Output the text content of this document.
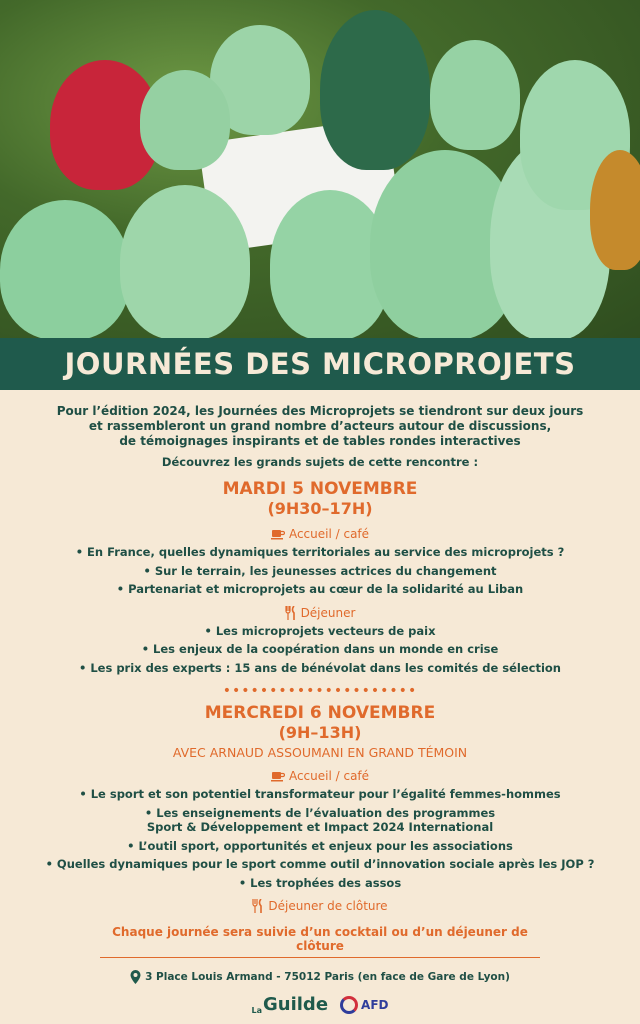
JOURNÉES DES MICROPROJETS

Pour l’édition 2024, les Journées des Microprojets se tiendront sur deux jours
et rassembleront un grand nombre d’acteurs autour de discussions,
de témoignages inspirants et de tables rondes interactives

Découvrez les grands sujets de cette rencontre :

MARDI 5 NOVEMBRE

(9H30–17H)

Accueil / café

• En France, quelles dynamiques territoriales au service des microprojets ?

• Sur le terrain, les jeunesses actrices du changement

• Partenariat et microprojets au cœur de la solidarité au Liban

Déjeuner

• Les microprojets vecteurs de paix

• Les enjeux de la coopération dans un monde en crise

• Les prix des experts : 15 ans de bénévolat dans les comités de sélection

•••••••••••••••••••••

MERCREDI 6 NOVEMBRE

(9H–13H)

AVEC ARNAUD ASSOUMANI EN GRAND TÉMOIN

Accueil / café

• Le sport et son potentiel transformateur pour l’égalité femmes-hommes

• Les enseignements de l’évaluation des programmes
Sport & Développement et Impact 2024 International

• L’outil sport, opportunités et enjeux pour les associations

• Quelles dynamiques pour le sport comme outil d’innovation sociale après les JOP ?

• Les trophées des assos

Déjeuner de clôture

Chaque journée sera suivie d’un cocktail ou d’un déjeuner de clôture

3 Place Louis Armand - 75012 Paris (en face de Gare de Lyon)
La Guilde	AFD
